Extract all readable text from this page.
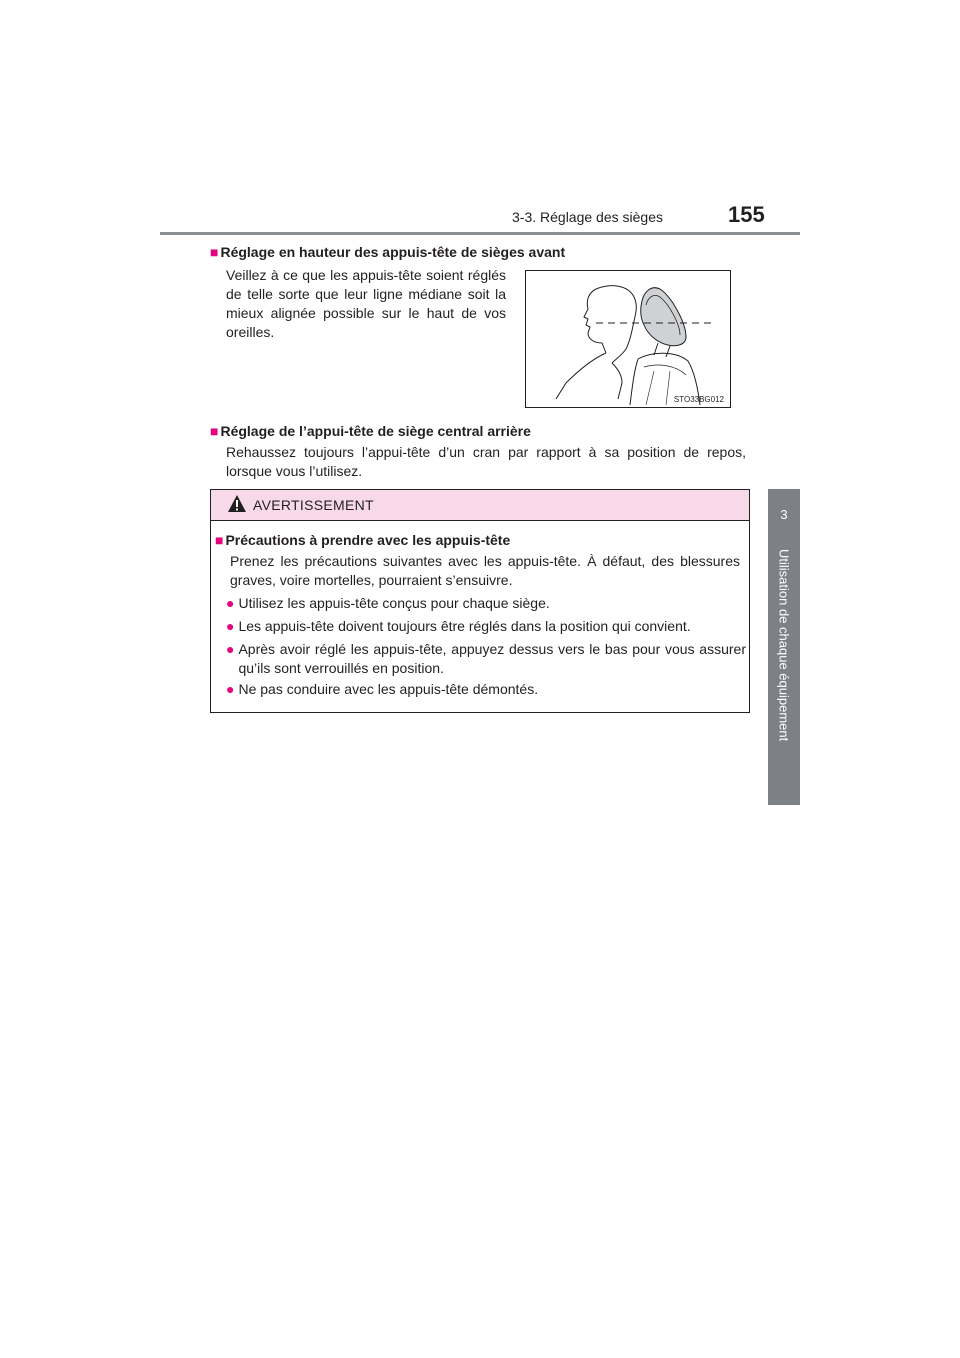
3-3. Réglage des sièges	155
3
Utilisation de chaque équipement
■ Réglage en hauteur des appuis-tête de sièges avant
Veillez à ce que les appuis-tête soient réglés de telle sorte que leur ligne médiane soit la mieux alignée possible sur le haut de vos oreilles.
STO33BG012
■ Réglage de l’appui-tête de siège central arrière
Rehaussez toujours l’appui-tête d’un cran par rapport à sa position de repos, lorsque vous l’utilisez.
AVERTISSEMENT
■ Précautions à prendre avec les appuis-tête
Prenez les précautions suivantes avec les appuis-tête. À défaut, des blessures graves, voire mortelles, pourraient s’ensuivre.
● Utilisez les appuis-tête conçus pour chaque siège.
● Les appuis-tête doivent toujours être réglés dans la position qui convient.
● Après avoir réglé les appuis-tête, appuyez dessus vers le bas pour vous assurer qu’ils sont verrouillés en position.
● Ne pas conduire avec les appuis-tête démontés.
